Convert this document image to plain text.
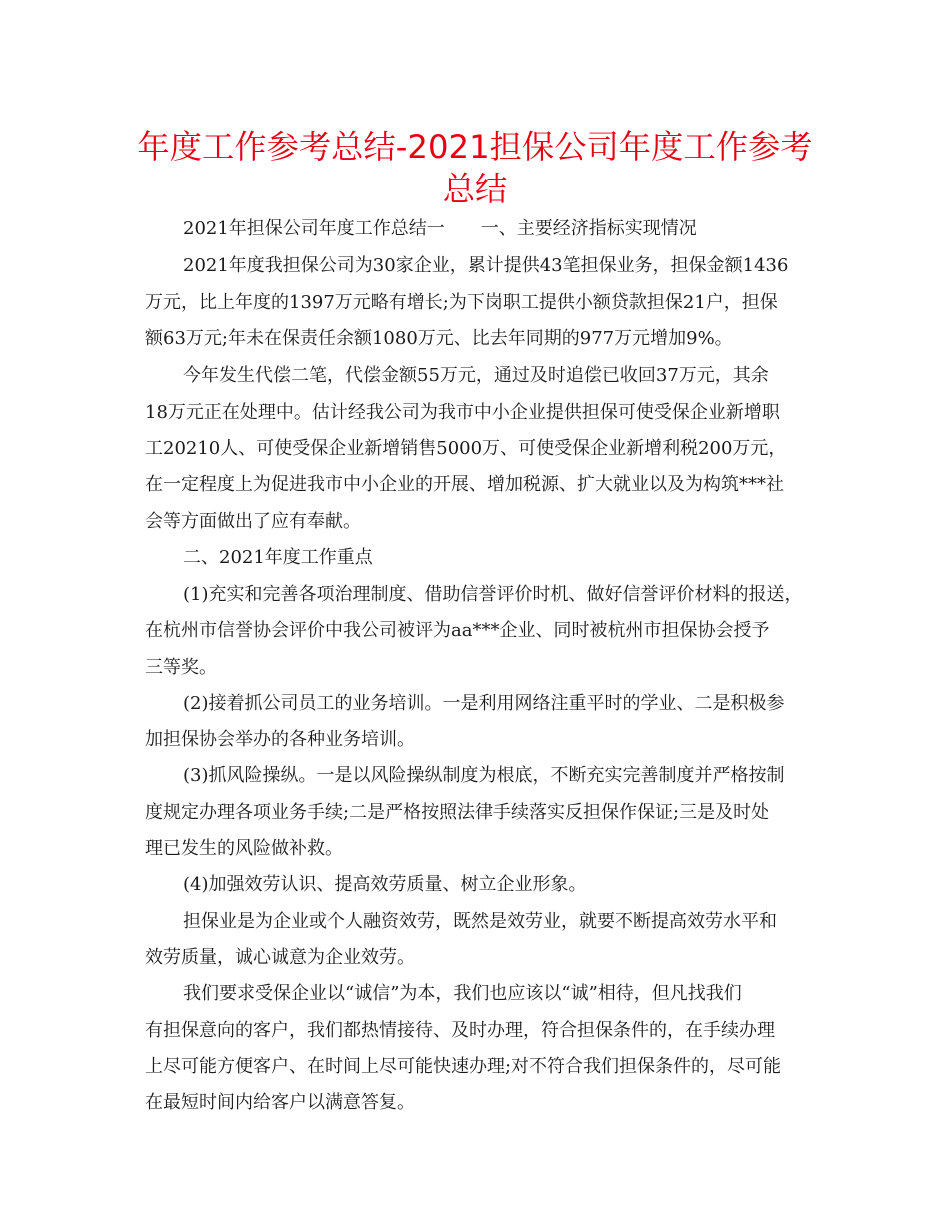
年度工作参考总结-2021担保公司年度工作参考
总结
2021年担保公司年度工作总结一　　一、主要经济指标实现情况
2021年度我担保公司为30家企业，累计提供43笔担保业务，担保金额1436
万元，比上年度的1397万元略有增长;为下岗职工提供小额贷款担保21户，担保
额63万元;年未在保责任余额1080万元、比去年同期的977万元增加9%。
今年发生代偿二笔，代偿金额55万元，通过及时追偿已收回37万元，其余
18万元正在处理中。估计经我公司为我市中小企业提供担保可使受保企业新增职
工20210人、可使受保企业新增销售5000万、可使受保企业新增利税200万元，
在一定程度上为促进我市中小企业的开展、增加税源、扩大就业以及为构筑***社
会等方面做出了应有奉献。
二、2021年度工作重点
(1)充实和完善各项治理制度、借助信誉评价时机、做好信誉评价材料的报送，
在杭州市信誉协会评价中我公司被评为aa***企业、同时被杭州市担保协会授予
三等奖。
(2)接着抓公司员工的业务培训。一是利用网络注重平时的学业、二是积极参
加担保协会举办的各种业务培训。
(3)抓风险操纵。一是以风险操纵制度为根底，不断充实完善制度并严格按制
度规定办理各项业务手续;二是严格按照法律手续落实反担保作保证;三是及时处
理已发生的风险做补救。
(4)加强效劳认识、提高效劳质量、树立企业形象。
担保业是为企业或个人融资效劳，既然是效劳业，就要不断提高效劳水平和
效劳质量，诚心诚意为企业效劳。
我们要求受保企业以“诚信”为本，我们也应该以“诚”相待，但凡找我们
有担保意向的客户，我们都热情接待、及时办理，符合担保条件的，在手续办理
上尽可能方便客户、在时间上尽可能快速办理;对不符合我们担保条件的，尽可能
在最短时间内给客户以满意答复。
